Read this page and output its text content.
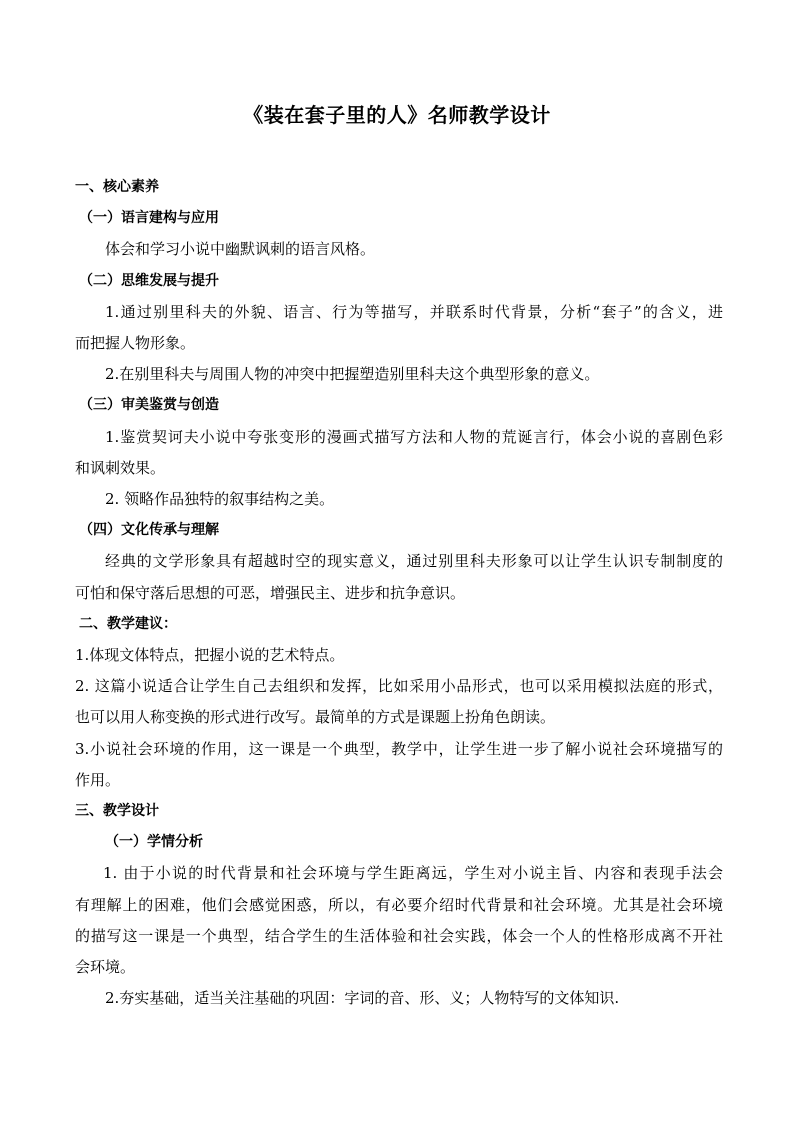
《装在套子里的人》名师教学设计
一、核心素养
（一）语言建构与应用
体会和学习小说中幽默讽刺的语言风格。
（二）思维发展与提升
1.通过别里科夫的外貌、语言、行为等描写，并联系时代背景，分析“套子”的含义，进
而把握人物形象。
2.在别里科夫与周围人物的冲突中把握塑造别里科夫这个典型形象的意义。
（三）审美鉴赏与创造
1.鉴赏契诃夫小说中夸张变形的漫画式描写方法和人物的荒诞言行，体会小说的喜剧色彩
和讽刺效果。
2. 领略作品独特的叙事结构之美。
（四）文化传承与理解
经典的文学形象具有超越时空的现实意义，通过别里科夫形象可以让学生认识专制制度的
可怕和保守落后思想的可恶，增强民主、进步和抗争意识。
二、教学建议：
1.体现文体特点，把握小说的艺术特点。
2. 这篇小说适合让学生自己去组织和发挥，比如采用小品形式，也可以采用模拟法庭的形式，
也可以用人称变换的形式进行改写。最简单的方式是课题上扮角色朗读。
3.小说社会环境的作用，这一课是一个典型，教学中，让学生进一步了解小说社会环境描写的
作用。
三、教学设计
（一）学情分析
1. 由于小说的时代背景和社会环境与学生距离远，学生对小说主旨、内容和表现手法会
有理解上的困难，他们会感觉困惑，所以，有必要介绍时代背景和社会环境。尤其是社会环境
的描写这一课是一个典型，结合学生的生活体验和社会实践，体会一个人的性格形成离不开社
会环境。
2.夯实基础，适当关注基础的巩固：字词的音、形、义；人物特写的文体知识.
